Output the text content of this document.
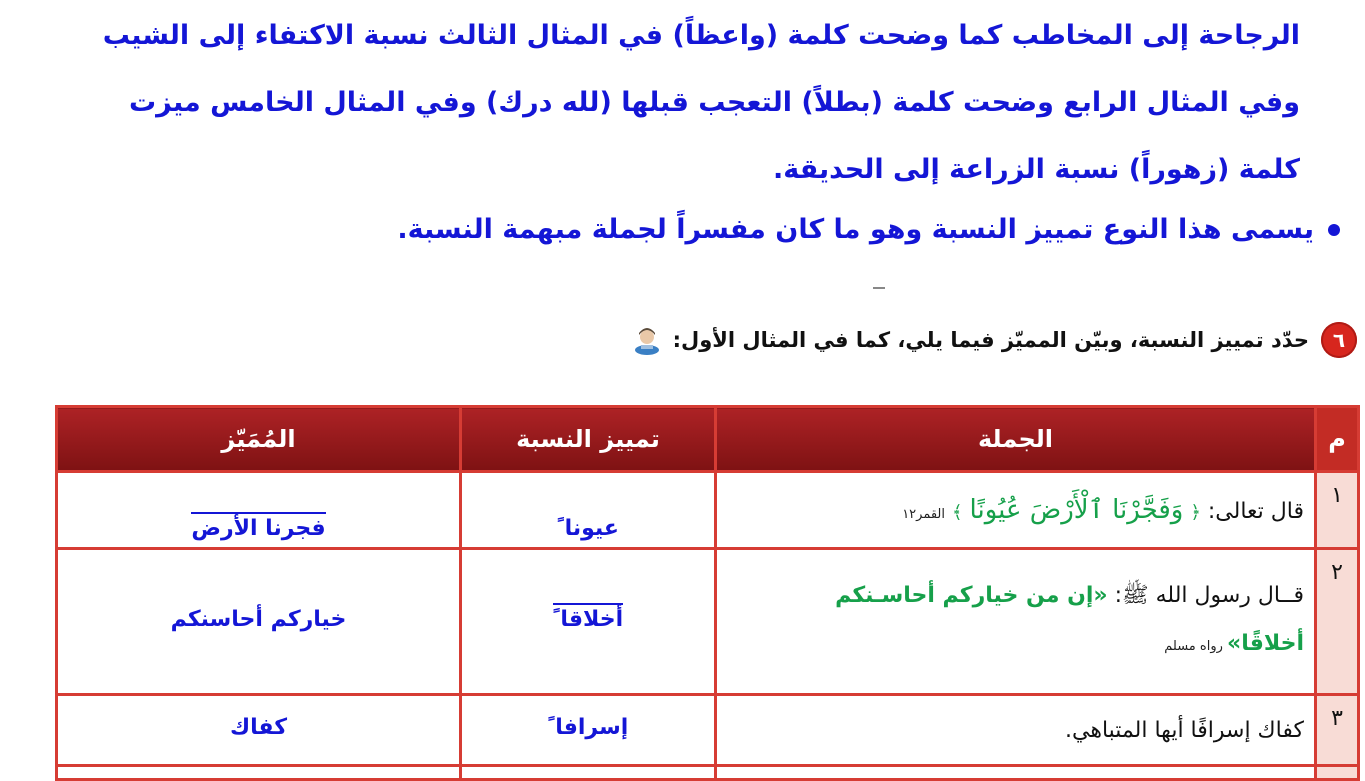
الرجاحة إلى المخاطب كما وضحت كلمة (واعظاً) في المثال الثالث نسبة الاكتفاء إلى الشيب
وفي المثال الرابع وضحت كلمة (بطلاً) التعجب قبلها (لله درك) وفي المثال الخامس ميزت
كلمة (زهوراً) نسبة الزراعة إلى الحديقة.
يسمى هذا النوع تمييز النسبة وهو ما كان مفسراً لجملة مبهمة النسبة.
٦
حدّد تمييز النسبة، وبيّن المميّز فيما يلي، كما في المثال الأول:
م	الجملة	تمييز النسبة	المُمَيّز
١	قال تعالى: ﴿ وَفَجَّرْنَا ٱلْأَرْضَ عُيُونًا ﴾ القمر١٢	عيونا ً	فجرنا الأرض
٢	قــال رسول الله ﷺ: «إن من خياركم أحاسـنكم
أخلاقًا» رواه مسلم	أخلاقا ً	خياركم أحاسنكم
٣	كفاك إسرافًا أيها المتباهي.	إسرافا ً	كفاك
